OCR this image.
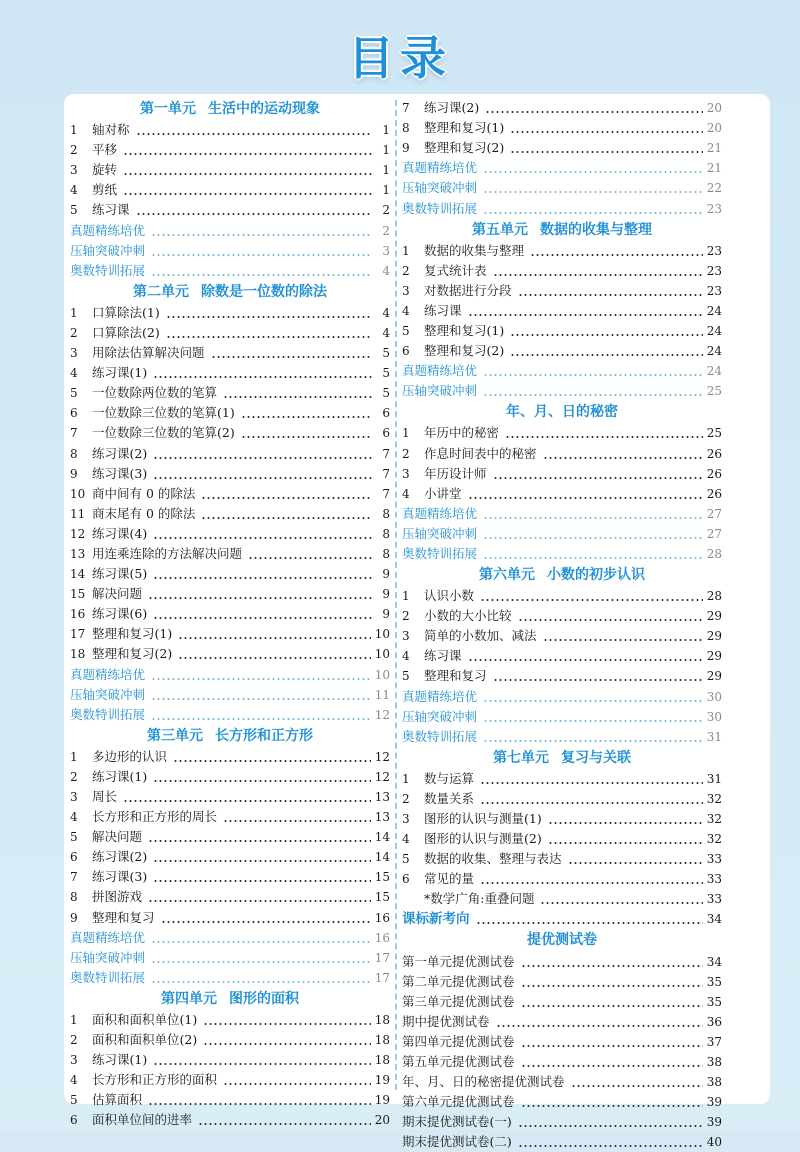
目录
第一单元 生活中的运动现象
1	轴对称	1
2	平移	1
3	旋转	1
4	剪纸	1
5	练习课	2
真题精练培优	2
压轴突破冲刺	3
奥数特训拓展	4
第二单元 除数是一位数的除法
1	口算除法(1)	4
2	口算除法(2)	4
3	用除法估算解决问题	5
4	练习课(1)	5
5	一位数除两位数的笔算	5
6	一位数除三位数的笔算(1)	6
7	一位数除三位数的笔算(2)	6
8	练习课(2)	7
9	练习课(3)	7
10 商中间有 0 的除法	7
11 商末尾有 0 的除法	8
12 练习课(4)	8
13 用连乘连除的方法解决问题	8
14 练习课(5)	9
15 解决问题	9
16 练习课(6)	9
17 整理和复习(1)	10
18 整理和复习(2)	10
真题精练培优	10
压轴突破冲刺	11
奥数特训拓展	12
第三单元 长方形和正方形
1	多边形的认识	12
2	练习课(1)	12
3	周长	13
4	长方形和正方形的周长	13
5	解决问题	14
6	练习课(2)	14
7	练习课(3)	15
8	拼图游戏	15
9	整理和复习	16
真题精练培优	16
压轴突破冲刺	17
奥数特训拓展	17
第四单元 图形的面积
1	面积和面积单位(1)	18
2	面积和面积单位(2)	18
3	练习课(1)	18
4	长方形和正方形的面积	19
5	估算面积	19
6	面积单位间的进率	20
7	练习课(2)	20
8	整理和复习(1)	20
9	整理和复习(2)	21
真题精练培优	21
压轴突破冲刺	22
奥数特训拓展	23
第五单元 数据的收集与整理
1	数据的收集与整理	23
2	复式统计表	23
3	对数据进行分段	23
4	练习课	24
5	整理和复习(1)	24
6	整理和复习(2)	24
真题精练培优	24
压轴突破冲刺	25
年、月、日的秘密
1	年历中的秘密	25
2	作息时间表中的秘密	26
3	年历设计师	26
4	小讲堂	26
真题精练培优	27
压轴突破冲刺	27
奥数特训拓展	28
第六单元 小数的初步认识
1	认识小数	28
2	小数的大小比较	29
3	简单的小数加、减法	29
4	练习课	29
5	整理和复习	29
真题精练培优	30
压轴突破冲刺	30
奥数特训拓展	31
第七单元 复习与关联
1	数与运算	31
2	数量关系	32
3	图形的认识与测量(1)	32
4	图形的认识与测量(2)	32
5	数据的收集、整理与表达	33
6	常见的量	33
*数学广角:重叠问题	33
课标新考向	34
提优测试卷
第一单元提优测试卷	34
第二单元提优测试卷	35
第三单元提优测试卷	35
期中提优测试卷	36
第四单元提优测试卷	37
第五单元提优测试卷	38
年、月、日的秘密提优测试卷	38
第六单元提优测试卷	39
期末提优测试卷(一)	39
期末提优测试卷(二)	40
